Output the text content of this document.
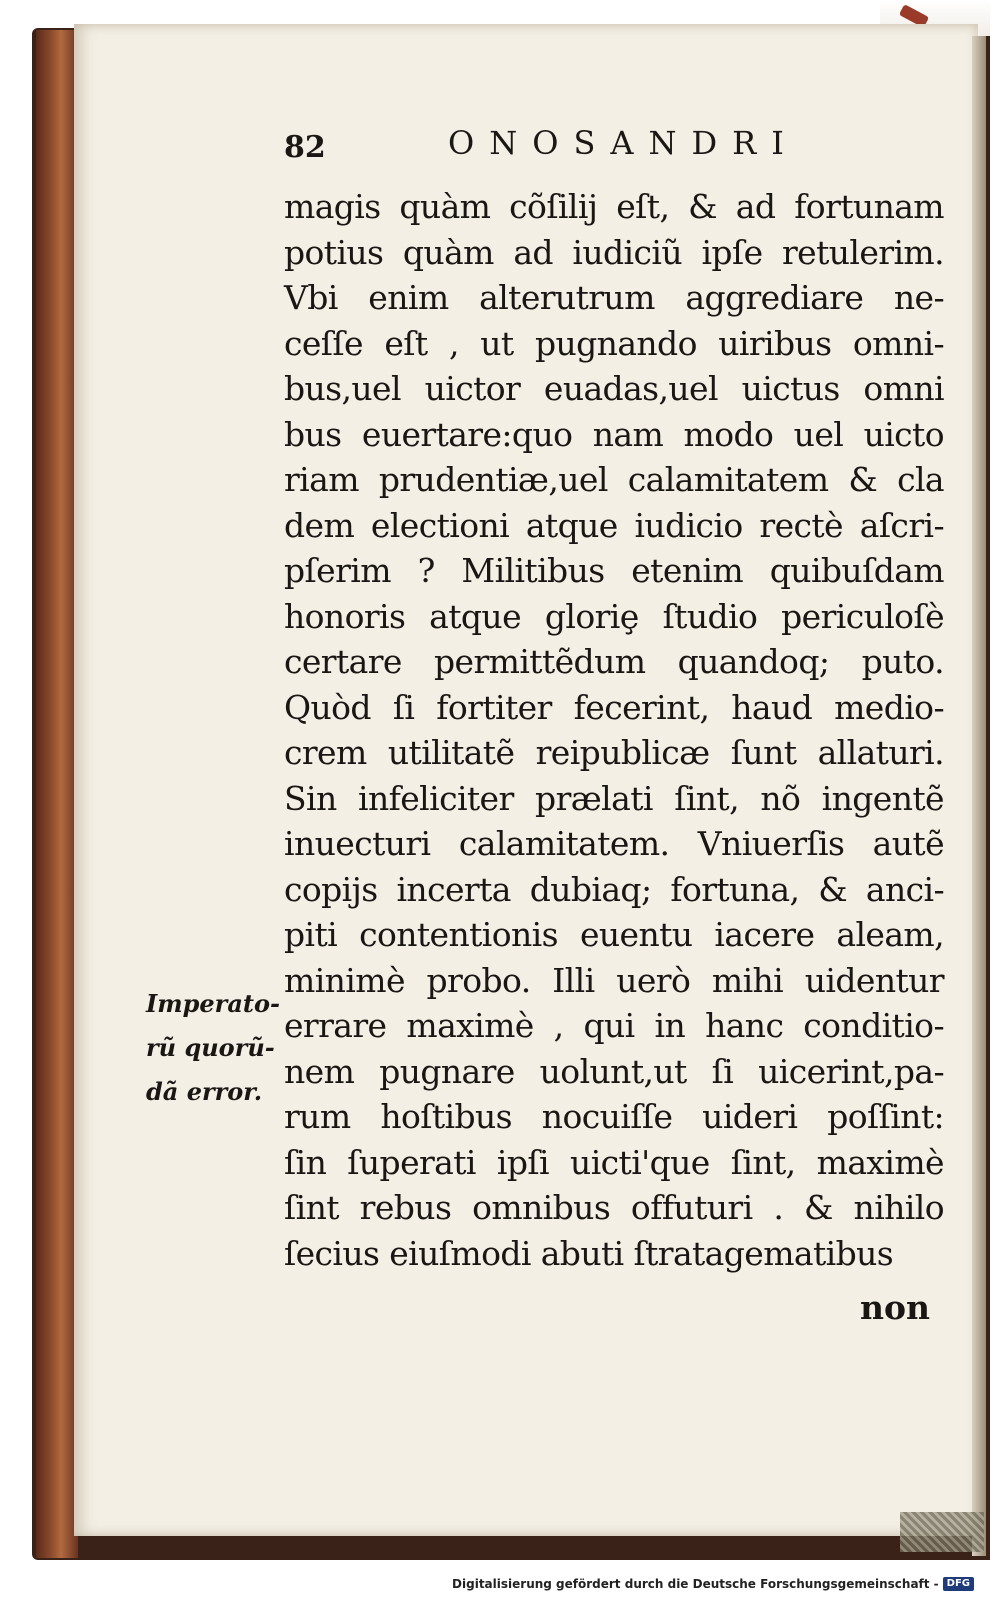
82	ONOSANDRI
magis quàm cõſilij eſt, & ad fortunam
potius quàm ad iudiciũ ipſe retulerim.
Vbi enim alterutrum aggrediare ne-
ceſſe eſt , ut pugnando uiribus omni-
bus,uel uictor euadas,uel uictus omni
bus euertare:quo nam modo uel uicto
riam prudentiæ,uel calamitatem & cla
dem electioni atque iudicio rectè aſcri-
pſerim ? Militibus etenim quibuſdam
honoris atque gloriȩ ſtudio periculoſè
certare permittẽdum quandoq; puto.
Quòd ſi fortiter fecerint, haud medio-
crem utilitatẽ reipublicæ ſunt allaturi.
Sin infeliciter prælati ſint, nõ ingentẽ
inuecturi calamitatem. Vniuerſis autẽ
copijs incerta dubiaq; fortuna, & anci-
piti contentionis euentu iacere aleam,
minimè probo. Illi uerò mihi uidentur
errare maximè , qui in hanc conditio-
nem pugnare uolunt,ut ſi uicerint,pa-
rum hoſtibus nocuiſſe uideri poſſint:
ſin ſuperati ipſi uicti'que ſint, maximè
ſint rebus omnibus offuturi . & nihilo
ſecius eiuſmodi abuti ſtratagematibus
non
Imperato-
rũ quorũ-
dã error.
Digitalisierung gefördert durch die Deutsche Forschungsgemeinschaft - DFG
